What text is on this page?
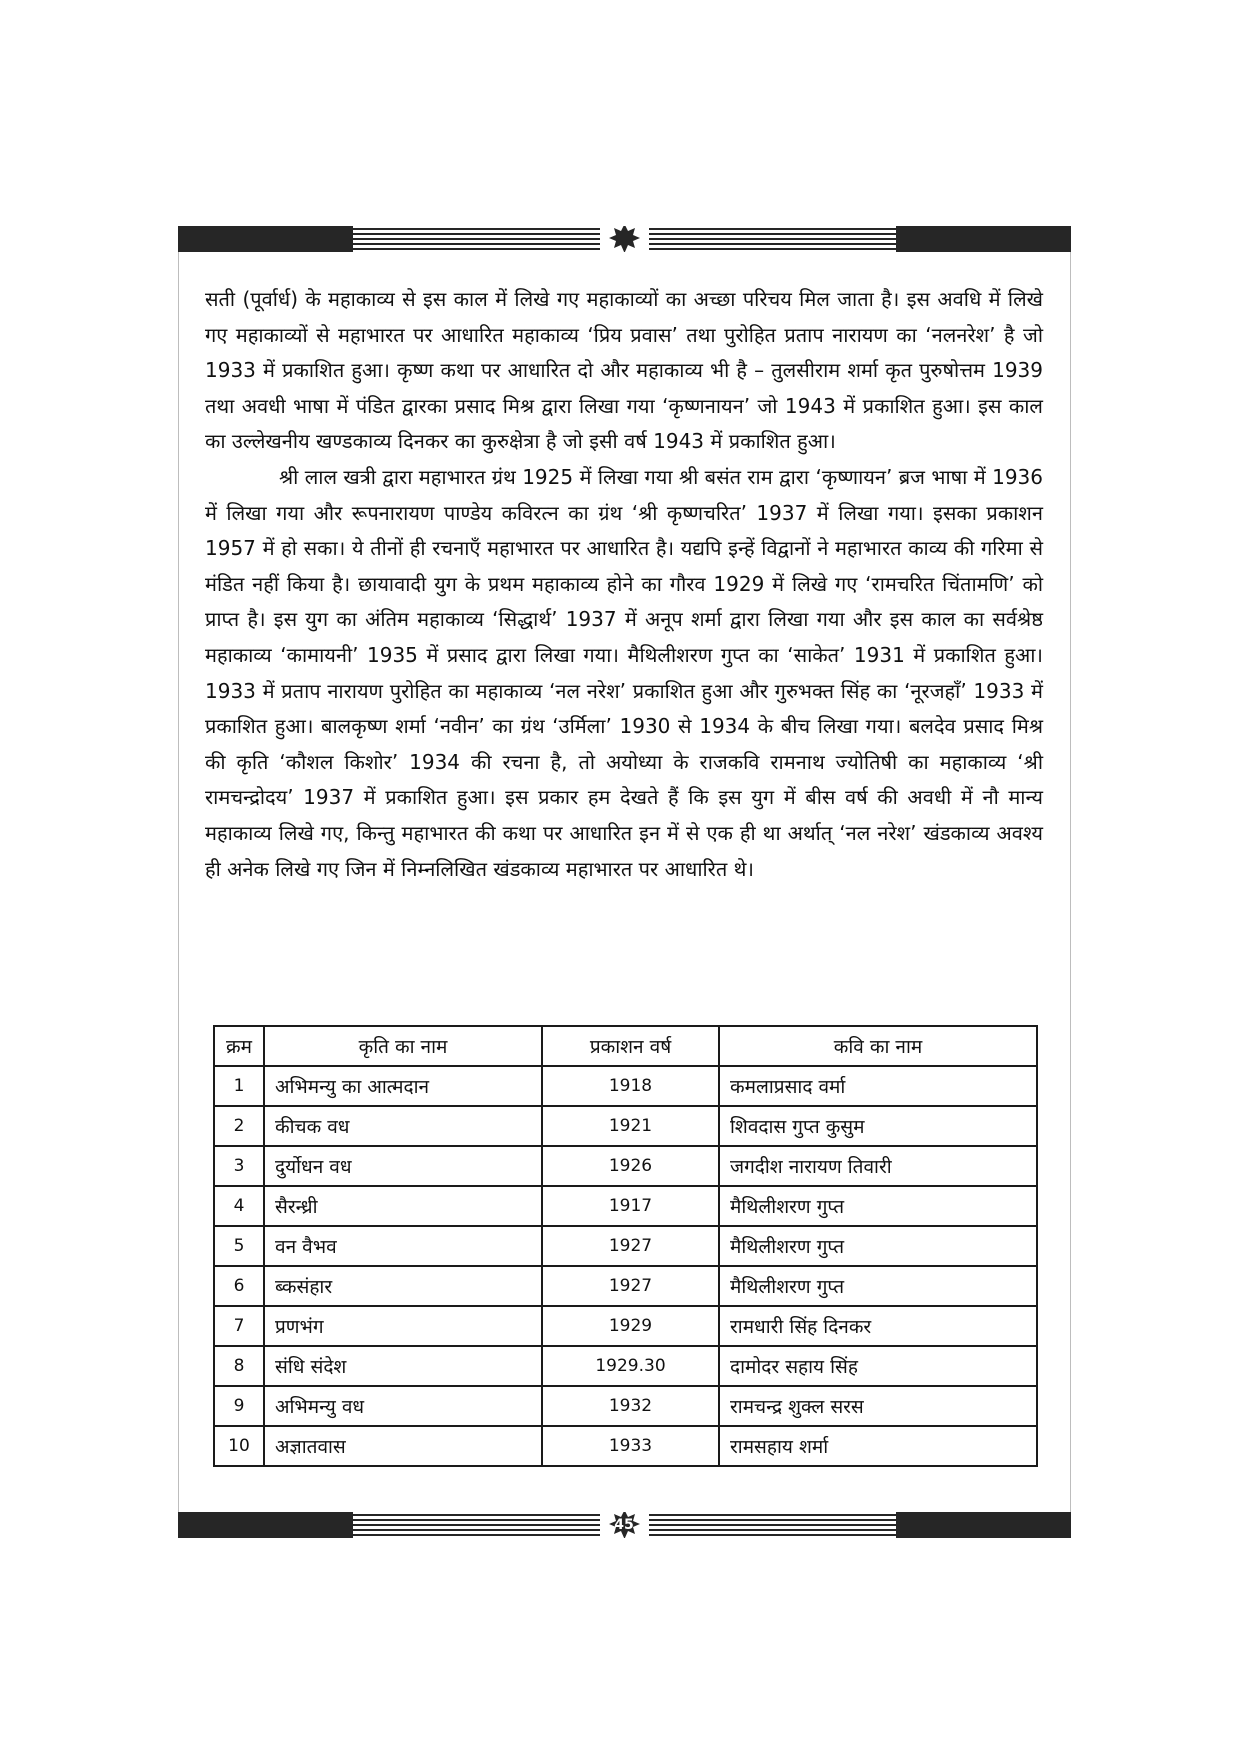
सती (पूर्वार्ध) के महाकाव्य से इस काल में लिखे गए महाकाव्यों का अच्छा परिचय मिल जाता है। इस अवधि में लिखे गए महाकाव्यों से महाभारत पर आधारित महाकाव्य ‘प्रिय प्रवास’ तथा पुरोहित प्रताप नारायण का ‘नलनरेश’ है जो 1933 में प्रकाशित हुआ। कृष्ण कथा पर आधारित दो और महाकाव्य भी है – तुलसीराम शर्मा कृत पुरुषोत्तम 1939 तथा अवधी भाषा में पंडित द्वारका प्रसाद मिश्र द्वारा लिखा गया ‘कृष्णनायन’ जो 1943 में प्रकाशित हुआ। इस काल का उल्लेखनीय खण्डकाव्य दिनकर का कुरुक्षेत्रा है जो इसी वर्ष 1943 में प्रकाशित हुआ।

श्री लाल खत्री द्वारा महाभारत ग्रंथ 1925 में लिखा गया श्री बसंत राम द्वारा ‘कृष्णायन’ ब्रज भाषा में 1936 में लिखा गया और रूपनारायण पाण्डेय कविरत्न का ग्रंथ ‘श्री कृष्णचरित’ 1937 में लिखा गया। इसका प्रकाशन 1957 में हो सका। ये तीनों ही रचनाएँ महाभारत पर आधारित है। यद्यपि इन्हें विद्वानों ने महाभारत काव्य की गरिमा से मंडित नहीं किया है। छायावादी युग के प्रथम महाकाव्य होने का गौरव 1929 में लिखे गए ‘रामचरित चिंतामणि’ को प्राप्त है। इस युग का अंतिम महाकाव्य ‘सिद्धार्थ’ 1937 में अनूप शर्मा द्वारा लिखा गया और इस काल का सर्वश्रेष्ठ महाकाव्य ‘कामायनी’ 1935 में प्रसाद द्वारा लिखा गया। मैथिलीशरण गुप्त का ‘साकेत’ 1931 में प्रकाशित हुआ। 1933 में प्रताप नारायण पुरोहित का महाकाव्य ‘नल नरेश’ प्रकाशित हुआ और गुरुभक्त सिंह का ‘नूरजहाँ’ 1933 में प्रकाशित हुआ। बालकृष्ण शर्मा ‘नवीन’ का ग्रंथ ‘उर्मिला’ 1930 से 1934 के बीच लिखा गया। बलदेव प्रसाद मिश्र की कृति ‘कौशल किशोर’ 1934 की रचना है, तो अयोध्या के राजकवि रामनाथ ज्योतिषी का महाकाव्य ‘श्री रामचन्द्रोदय’ 1937 में प्रकाशित हुआ। इस प्रकार हम देखते हैं कि इस युग में बीस वर्ष की अवधी में नौ मान्य महाकाव्य लिखे गए, किन्तु महाभारत की कथा पर आधारित इन में से एक ही था अर्थात् ‘नल नरेश’ खंडकाव्य अवश्य ही अनेक लिखे गए जिन में निम्नलिखित खंडकाव्य महाभारत पर आधारित थे।

क्रम	कृति का नाम	प्रकाशन वर्ष	कवि का नाम
1	अभिमन्यु का आत्मदान	1918	कमलाप्रसाद वर्मा
2	कीचक वध	1921	शिवदास गुप्त कुसुम
3	दुर्योधन वध	1926	जगदीश नारायण तिवारी
4	सैरन्ध्री	1917	मैथिलीशरण गुप्त
5	वन वैभव	1927	मैथिलीशरण गुप्त
6	ब्कसंहार	1927	मैथिलीशरण गुप्त
7	प्रणभंग	1929	रामधारी सिंह दिनकर
8	संधि संदेश	1929.30	दामोदर सहाय सिंह
9	अभिमन्यु वध	1932	रामचन्द्र शुक्ल सरस
10	अज्ञातवास	1933	रामसहाय शर्मा
45
